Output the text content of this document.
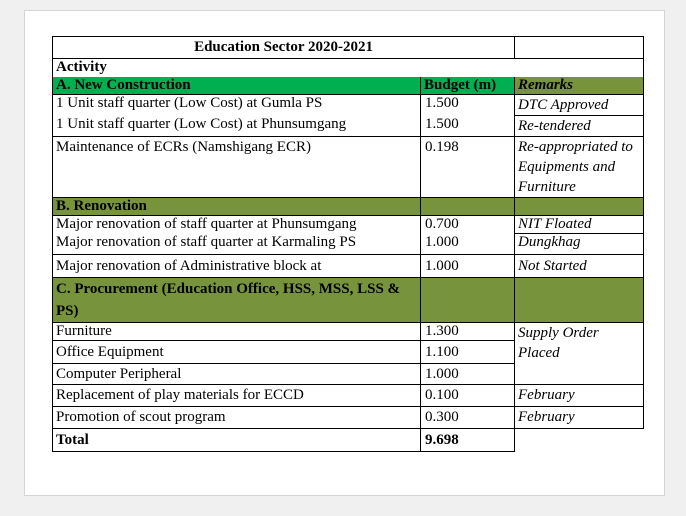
Education Sector 2020-2021		
Activity		
A. New Construction	Budget (m)	Remarks
1 Unit staff quarter (Low Cost) at Gumla PS	1.500	DTC Approved
1 Unit staff quarter (Low Cost) at Phunsumgang	1.500	Re-tendered
Maintenance of ECRs (Namshigang ECR)	0.198	Re-appropriated to Equipments and Furniture
B. Renovation		
Major renovation of staff quarter at Phunsumgang	0.700	NIT Floated
Major renovation of staff quarter at Karmaling PS	1.000	Dungkhag
Major renovation of Administrative block at	1.000	Not Started
C. Procurement (Education Office, HSS, MSS, LSS & PS)		
Furniture	1.300	Supply Order Placed
Office Equipment	1.100	
Computer Peripheral	1.000	
Replacement of play materials for ECCD	0.100	February
Promotion of scout program	0.300	February
Total	9.698	
